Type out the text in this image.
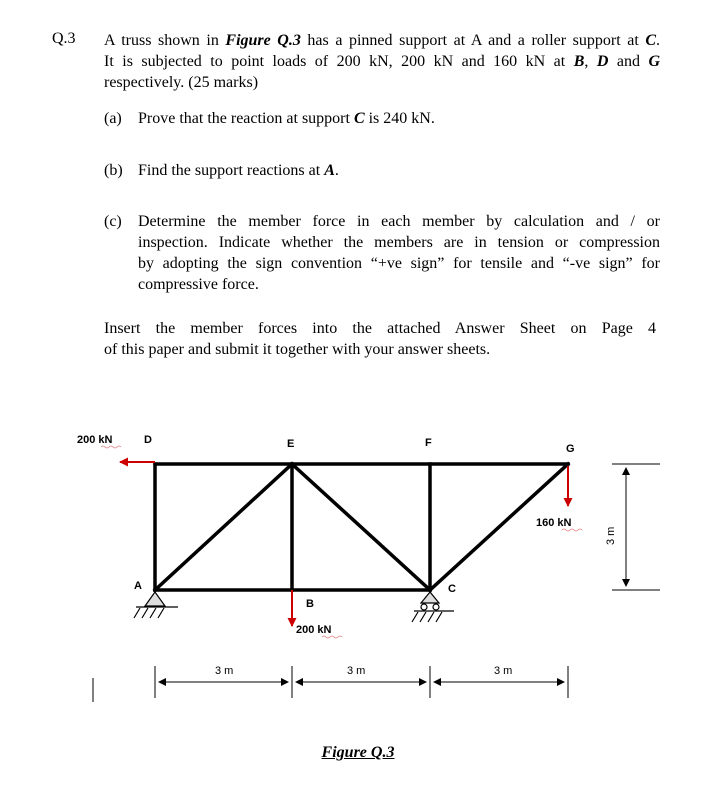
Q.3 A truss shown in Figure Q.3 has a pinned support at A and a roller support at C.
It is subjected to point loads of 200 kN, 200 kN and 160 kN at B, D and G
respectively. (25 marks)
(a) Prove that the reaction at support C is 240 kN.
(b) Find the support reactions at A.
(c) Determine the member force in each member by calculation and / or
inspection. Indicate whether the members are in tension or compression
by adopting the sign convention “+ve sign” for tensile and “-ve sign” for
compressive force.
Insert the member forces into the attached Answer Sheet on Page 4
of this paper and submit it together with your answer sheets.
D	E	F	G
A	C
B
200 kN
200 kN
160 kN
3 m
3 m	3 m	3 m
Figure Q.3
